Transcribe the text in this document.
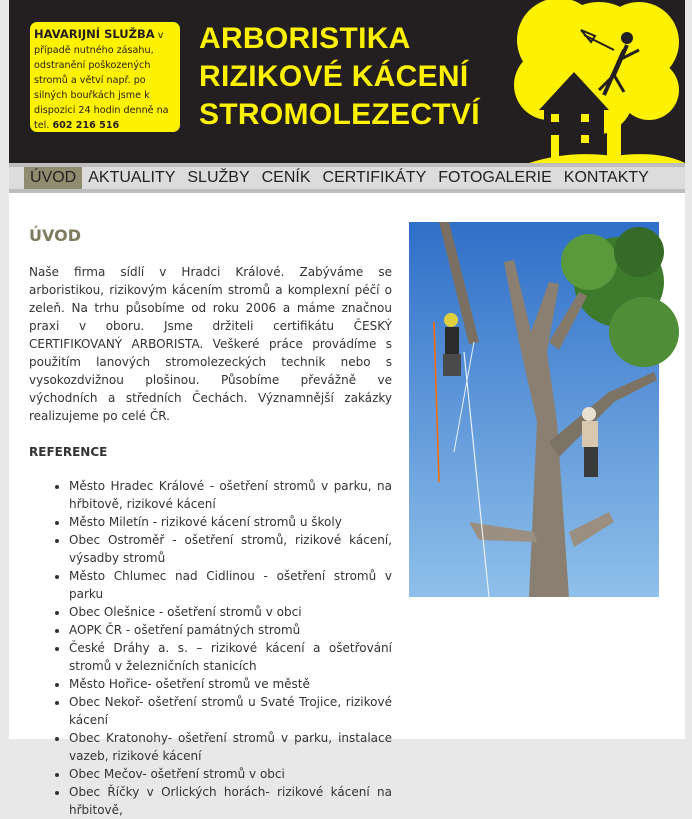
HAVARIJNÍ SLUŽBA v případě nutného zásahu, odstranění poškozených stromů a větví např. po silných bouřkách jsme k dispozici 24 hodin denně na tel. 602 216 516
ARBORISTIKA
RIZIKOVÉ KÁCENÍ
STROMOLEZECTVÍ
ÚVOD AKTUALITY SLUŽBY CENÍK CERTIFIKÁTY FOTOGALERIE KONTAKTY
ÚVOD

Naše firma sídlí v Hradci Králové. Zabýváme se arboristikou, rizikovým kácením stromů a komplexní péčí o zeleň. Na trhu působíme od roku 2006 a máme značnou praxi v oboru. Jsme držiteli certifikátu ČESKÝ CERTIFIKOVANÝ ARBORISTA. Veškeré práce provádíme s použitím lanových stromolezeckých technik nebo s vysokozdvižnou plošinou. Působíme převážně ve východních a středních Čechách. Významnější zakázky realizujeme po celé ČR.

REFERENCE

• Město Hradec Králové - ošetření stromů v parku, na hřbitově, rizikové kácení
• Město Miletín - rizikové kácení stromů u školy
• Obec Ostroměř - ošetření stromů, rizikové kácení, výsadby stromů
• Město Chlumec nad Cidlinou - ošetření stromů v parku
• Obec Olešnice - ošetření stromů v obci
• AOPK ČR - ošetření památných stromů
• České Dráhy a. s. – rizikové kácení a ošetřování stromů v železničních stanicích
• Město Hořice- ošetření stromů ve městě
• Obec Nekoř- ošetření stromů u Svaté Trojice, rizikové kácení
• Obec Kratonohy- ošetření stromů v parku, instalace vazeb, rizikové kácení
• Obec Mečov- ošetření stromů v obci
• Obec Říčky v Orlických horách- rizikové kácení na hřbitově,
